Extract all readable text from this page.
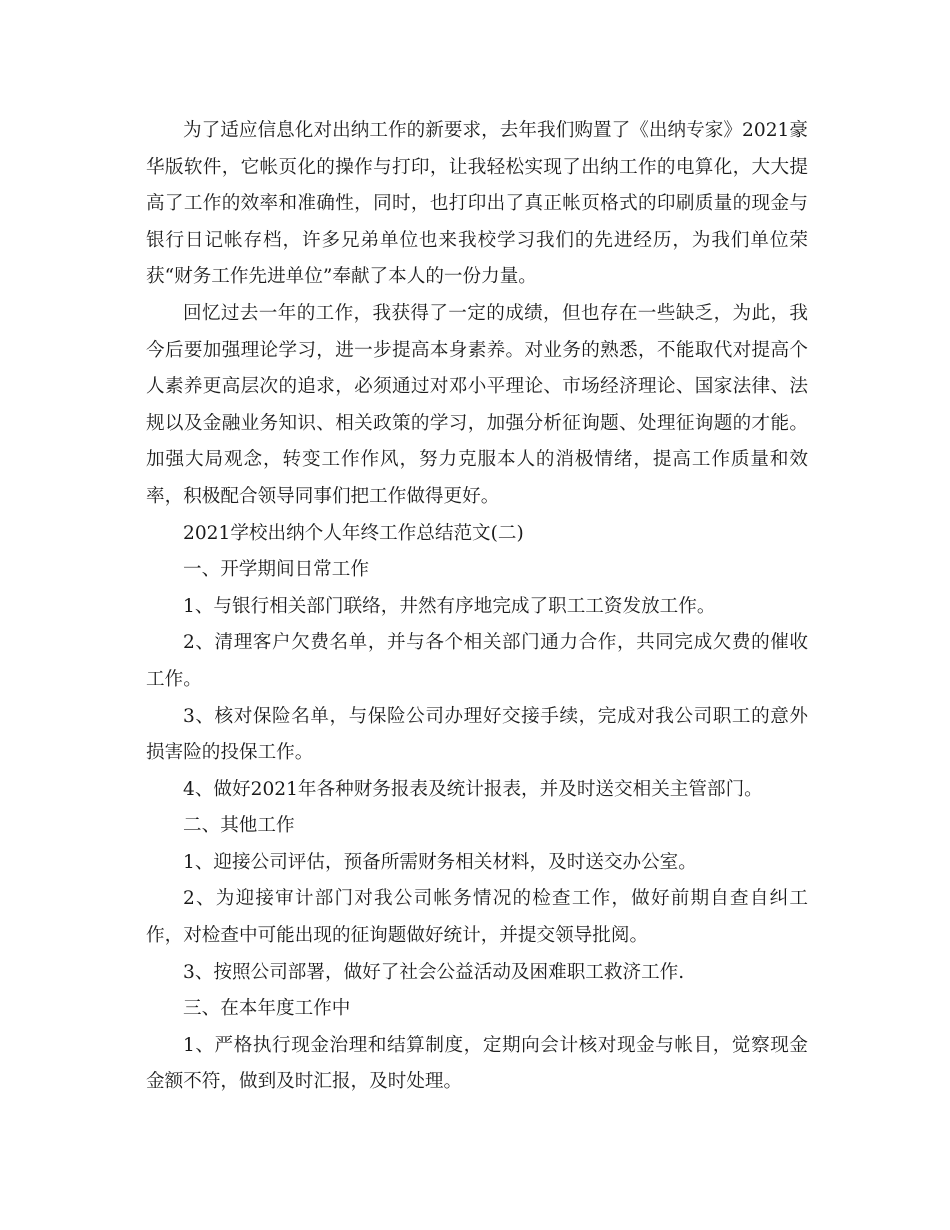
为了适应信息化对出纳工作的新要求，去年我们购置了《出纳专家》2021豪华版软件，它帐页化的操作与打印，让我轻松实现了出纳工作的电算化，大大提高了工作的效率和准确性，同时，也打印出了真正帐页格式的印刷质量的现金与银行日记帐存档，许多兄弟单位也来我校学习我们的先进经历，为我们单位荣获“财务工作先进单位”奉献了本人的一份力量。

回忆过去一年的工作，我获得了一定的成绩，但也存在一些缺乏，为此，我今后要加强理论学习，进一步提高本身素养。对业务的熟悉，不能取代对提高个人素养更高层次的追求，必须通过对邓小平理论、市场经济理论、国家法律、法规以及金融业务知识、相关政策的学习，加强分析征询题、处理征询题的才能。加强大局观念，转变工作作风，努力克服本人的消极情绪，提高工作质量和效率，积极配合领导同事们把工作做得更好。

2021学校出纳个人年终工作总结范文(二)

一、开学期间日常工作

1、与银行相关部门联络，井然有序地完成了职工工资发放工作。

2、清理客户欠费名单，并与各个相关部门通力合作，共同完成欠费的催收工作。

3、核对保险名单，与保险公司办理好交接手续，完成对我公司职工的意外损害险的投保工作。

4、做好2021年各种财务报表及统计报表，并及时送交相关主管部门。

二、其他工作

1、迎接公司评估，预备所需财务相关材料，及时送交办公室。

2、为迎接审计部门对我公司帐务情况的检查工作，做好前期自查自纠工作，对检查中可能出现的征询题做好统计，并提交领导批阅。

3、按照公司部署，做好了社会公益活动及困难职工救济工作.

三、在本年度工作中

1、严格执行现金治理和结算制度，定期向会计核对现金与帐目，觉察现金金额不符，做到及时汇报，及时处理。
